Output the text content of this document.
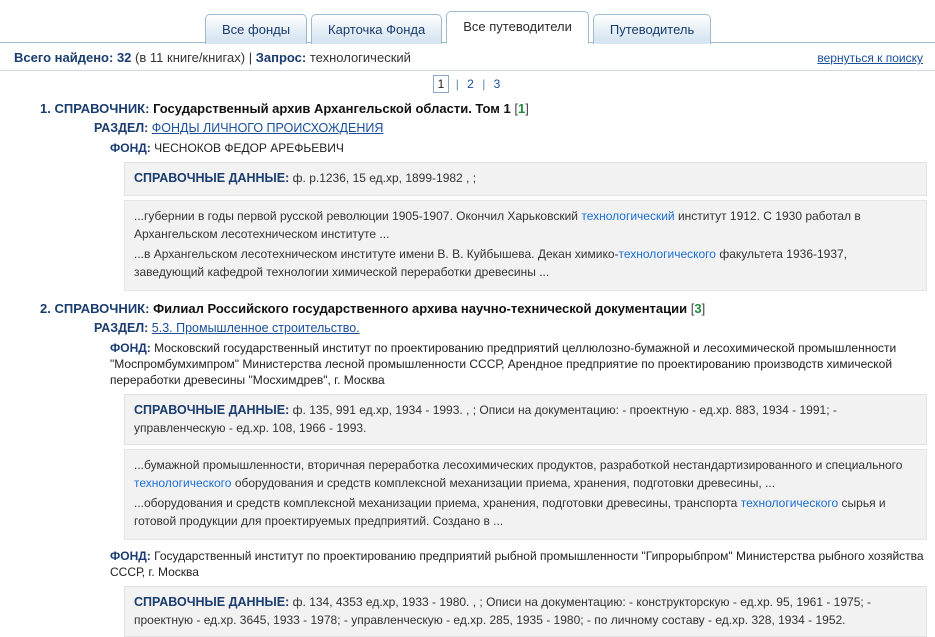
Все фонды	Карточка Фонда	Все путеводители	Путеводитель
Всего найдено: 32 (в 11 книге/книгах) | Запрос: технологический	вернуться к поиску
1 | 2 | 3
1. СПРАВОЧНИК: Государственный архив Архангельской области. Том 1 [1]
РАЗДЕЛ: ФОНДЫ ЛИЧНОГО ПРОИСХОЖДЕНИЯ
ФОНД: ЧЕСНОКОВ ФЕДОР АРЕФЬЕВИЧ
СПРАВОЧНЫЕ ДАННЫЕ: ф. р.1236, 15 ед.хр, 1899-1982 , ;
...губернии в годы первой русской революции 1905-1907. Окончил Харьковский технологический институт 1912. С 1930 работал в Архангельском лесотехническом институте ...
...в Архангельском лесотехническом институте имени В. В. Куйбышева. Декан химико-технологического факультета 1936-1937, заведующий кафедрой технологии химической переработки древесины ...
2. СПРАВОЧНИК: Филиал Российского государственного архива научно-технической документации [3]
РАЗДЕЛ: 5.3. Промышленное строительство.
ФОНД: Московский государственный институт по проектированию предприятий целлюлозно-бумажной и лесохимической промышленности "Моспромбумхимпром" Министерства лесной промышленности СССР, Арендное предприятие по проектированию производств химической переработки древесины "Мосхимдрев", г. Москва
СПРАВОЧНЫЕ ДАННЫЕ: ф. 135, 991 ед.хр, 1934 - 1993. , ; Описи на документацию: - проектную - ед.хр. 883, 1934 - 1991; - управленческую - ед.хр. 108, 1966 - 1993.
...бумажной промышленности, вторичная переработка лесохимических продуктов, разработкой нестандартизированного и специального технологического оборудования и средств комплексной механизации приема, хранения, подготовки древесины, ...
...оборудования и средств комплексной механизации приема, хранения, подготовки древесины, транспорта технологического сырья и готовой продукции для проектируемых предприятий. Создано в ...
ФОНД: Государственный институт по проектированию предприятий рыбной промышленности "Гипрорыбпром" Министерства рыбного хозяйства СССР, г. Москва
СПРАВОЧНЫЕ ДАННЫЕ: ф. 134, 4353 ед.хр, 1933 - 1980. , ; Описи на документацию: - конструкторскую - ед.хр. 95, 1961 - 1975; - проектную - ед.хр. 3645, 1933 - 1978; - управленческую - ед.хр. 285, 1935 - 1980; - по личному составу - ед.хр. 328, 1934 - 1952.
